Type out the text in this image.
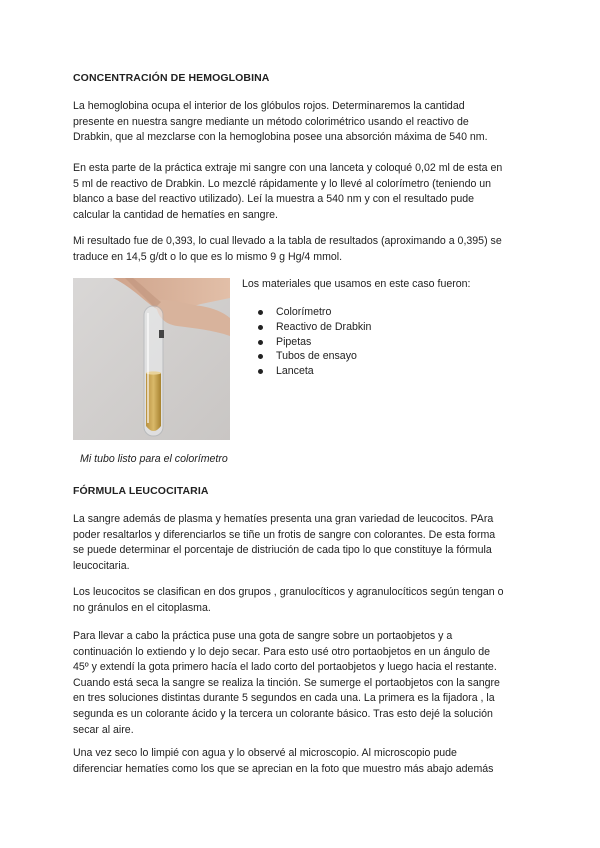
CONCENTRACIÓN DE HEMOGLOBINA

La hemoglobina ocupa el interior de los glóbulos rojos. Determinaremos la cantidad
presente en nuestra sangre mediante un método colorimétrico usando el reactivo de
Drabkin, que al mezclarse con la hemoglobina posee una absorción máxima de 540 nm.

En esta parte de la práctica extraje mi sangre con una lanceta y coloqué 0,02 ml de esta en
5 ml de reactivo de Drabkin. Lo mezclé rápidamente y lo llevé al colorímetro (teniendo un
blanco a base del reactivo utilizado). Leí la muestra a 540 nm y con el resultado pude
calcular la cantidad de hematíes en sangre.

Mi resultado fue de 0,393, lo cual llevado a la tabla de resultados (aproximando a 0,395) se
traduce en 14,5 g/dt o lo que es lo mismo 9 g Hg/4 mmol.

Los materiales que usamos en este caso fueron:

Colorímetro
Reactivo de Drabkin
Pipetas
Tubos de ensayo
Lanceta

Mi tubo listo para el colorímetro

FÓRMULA LEUCOCITARIA

La sangre además de plasma y hematíes presenta una gran variedad de leucocitos. PAra
poder resaltarlos y diferenciarlos se tiñe un frotis de sangre con colorantes. De esta forma
se puede determinar el porcentaje de distriución de cada tipo lo que constituye la fórmula
leucocitaria.

Los leucocitos se clasifican en dos grupos , granulocíticos y agranulocíticos según tengan o
no gránulos en el citoplasma.

Para llevar a cabo la práctica puse una gota de sangre sobre un portaobjetos y a
continuación lo extiendo y lo dejo secar. Para esto usé otro portaobjetos en un ángulo de
45º y extendí la gota primero hacía el lado corto del portaobjetos y luego hacia el restante.
Cuando está seca la sangre se realiza la tinción. Se sumerge el portaobjetos con la sangre
en tres soluciones distintas durante 5 segundos en cada una. La primera es la fijadora , la
segunda es un colorante ácido y la tercera un colorante básico. Tras esto dejé la solución
secar al aire.

Una vez seco lo limpié con agua y lo observé al microscopio. Al microscopio pude
diferenciar hematíes como los que se aprecian en la foto que muestro más abajo además
